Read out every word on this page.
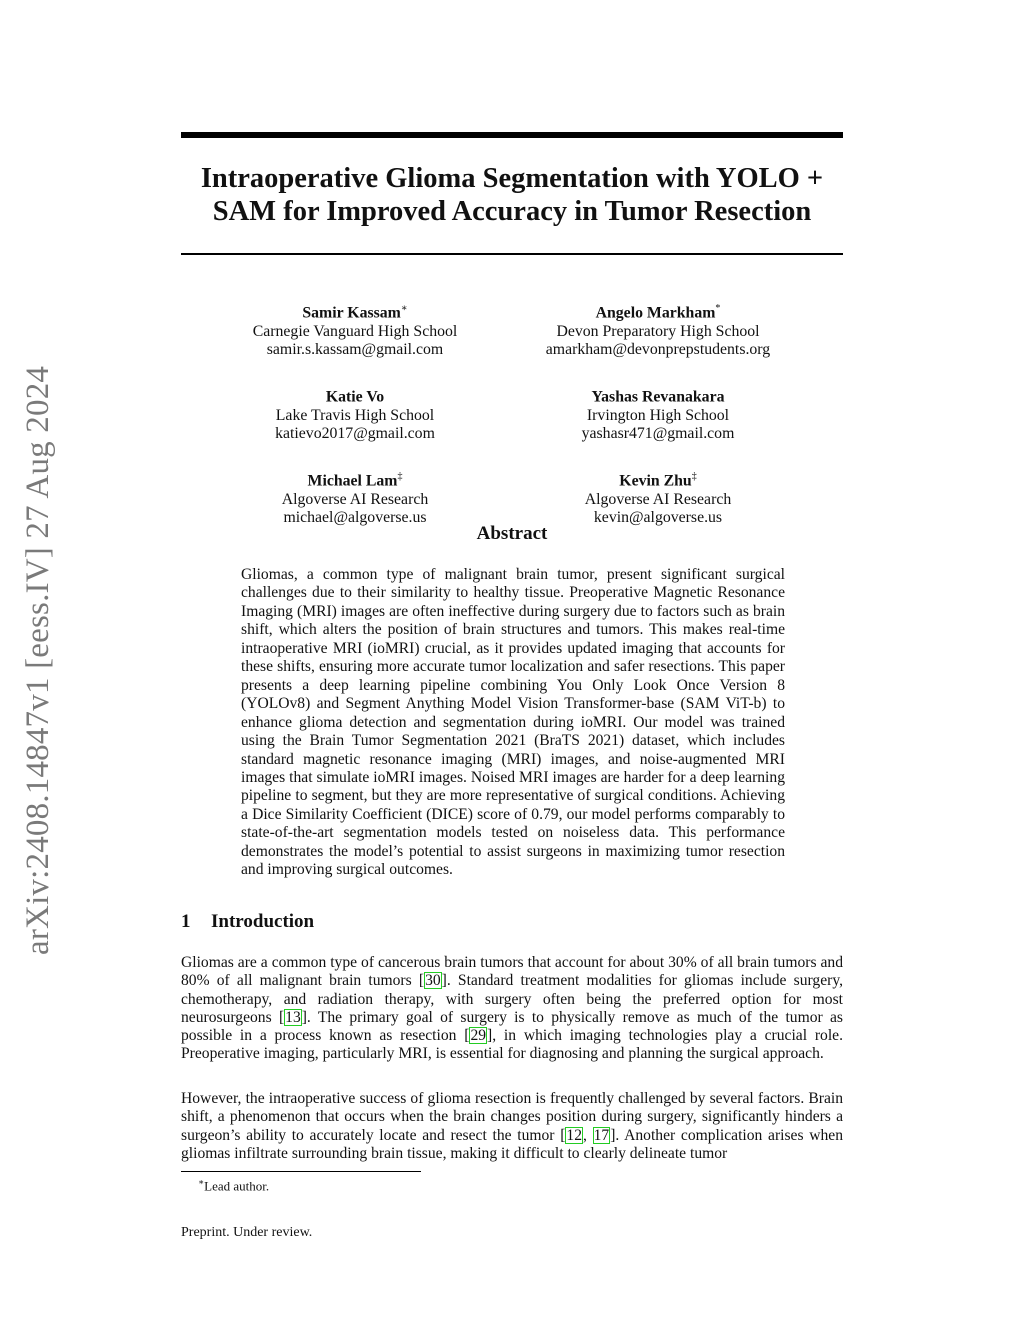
arXiv:2408.14847v1 [eess.IV] 27 Aug 2024
Intraoperative Glioma Segmentation with YOLO +
SAM for Improved Accuracy in Tumor Resection
Samir Kassam∗
Carnegie Vanguard High School
samir.s.kassam@gmail.com
Angelo Markham*
Devon Preparatory High School
amarkham@devonprepstudents.org
Katie Vo
Lake Travis High School
katievo2017@gmail.com
Yashas Revanakara
Irvington High School
yashasr471@gmail.com
Michael Lam‡
Algoverse AI Research
michael@algoverse.us
Kevin Zhu‡
Algoverse AI Research
kevin@algoverse.us
Abstract

Gliomas, a common type of malignant brain tumor, present significant surgical challenges due to their similarity to healthy tissue. Preoperative Magnetic Resonance Imaging (MRI) images are often ineffective during surgery due to factors such as brain shift, which alters the position of brain structures and tumors. This makes real-time intraoperative MRI (ioMRI) crucial, as it provides updated imaging that accounts for these shifts, ensuring more accurate tumor localization and safer resections. This paper presents a deep learning pipeline combining You Only Look Once Version 8 (YOLOv8) and Segment Anything Model Vision Transformer-base (SAM ViT-b) to enhance glioma detection and segmentation during ioMRI. Our model was trained using the Brain Tumor Segmentation 2021 (BraTS 2021) dataset, which includes standard magnetic resonance imaging (MRI) images, and noise-augmented MRI images that simulate ioMRI images. Noised MRI images are harder for a deep learning pipeline to segment, but they are more representative of surgical conditions. Achieving a Dice Similarity Coefficient (DICE) score of 0.79, our model performs comparably to state-of-the-art segmentation models tested on noiseless data. This performance demonstrates the model’s potential to assist surgeons in maximizing tumor resection and improving surgical outcomes.

1 Introduction

Gliomas are a common type of cancerous brain tumors that account for about 30% of all brain tumors and 80% of all malignant brain tumors [30]. Standard treatment modalities for gliomas include surgery, chemotherapy, and radiation therapy, with surgery often being the preferred option for most neurosurgeons [13]. The primary goal of surgery is to physically remove as much of the tumor as possible in a process known as resection [29], in which imaging technologies play a crucial role. Preoperative imaging, particularly MRI, is essential for diagnosing and planning the surgical approach.

However, the intraoperative success of glioma resection is frequently challenged by several factors. Brain shift, a phenomenon that occurs when the brain changes position during surgery, significantly hinders a surgeon’s ability to accurately locate and resect the tumor [12, 17]. Another complication arises when gliomas infiltrate surrounding brain tissue, making it difficult to clearly delineate tumor

∗Lead author.
Preprint. Under review.
